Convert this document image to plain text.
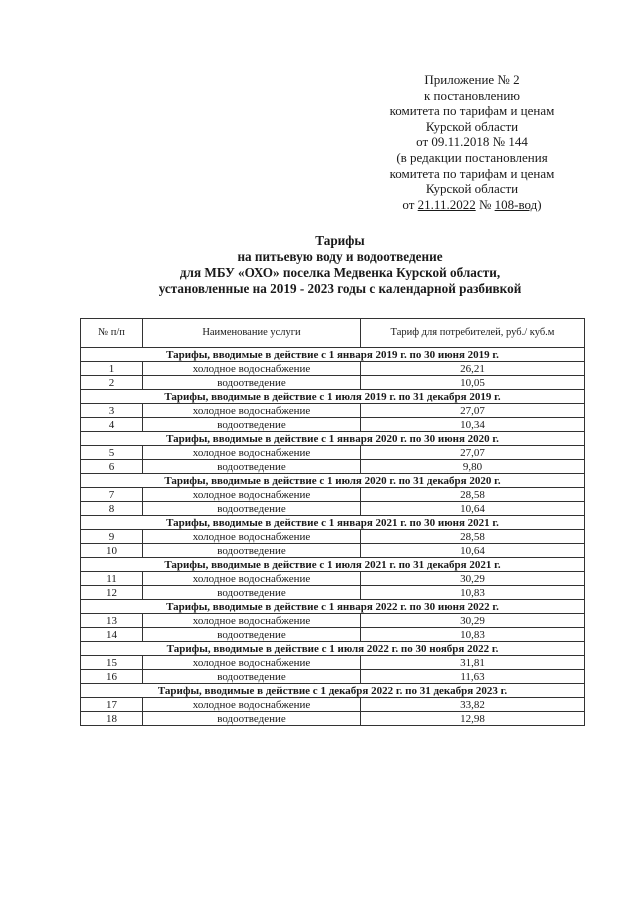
Приложение № 2
к постановлению
комитета по тарифам и ценам
Курской области
от 09.11.2018 № 144
(в редакции постановления
комитета по тарифам и ценам
Курской области
от 21.11.2022 № 108-вод)
Тарифы
на питьевую воду и водоотведение
для МБУ «ОХО» поселка Медвенка Курской области,
установленные на 2019 - 2023 годы с календарной разбивкой
№ п/п	Наименование услуги	Тариф для потребителей, руб./ куб.м
Тарифы, вводимые в действие с 1 января 2019 г. по 30 июня 2019 г.		
1	холодное водоснабжение	26,21
2	водоотведение	10,05
Тарифы, вводимые в действие с 1 июля 2019 г. по 31 декабря 2019 г.		
3	холодное водоснабжение	27,07
4	водоотведение	10,34
Тарифы, вводимые в действие с 1 января 2020 г. по 30 июня 2020 г.		
5	холодное водоснабжение	27,07
6	водоотведение	9,80
Тарифы, вводимые в действие с 1 июля 2020 г. по 31 декабря 2020 г.		
7	холодное водоснабжение	28,58
8	водоотведение	10,64
Тарифы, вводимые в действие с 1 января 2021 г. по 30 июня 2021 г.		
9	холодное водоснабжение	28,58
10	водоотведение	10,64
Тарифы, вводимые в действие с 1 июля 2021 г. по 31 декабря 2021 г.		
11	холодное водоснабжение	30,29
12	водоотведение	10,83
Тарифы, вводимые в действие с 1 января 2022 г. по 30 июня 2022 г.		
13	холодное водоснабжение	30,29
14	водоотведение	10,83
Тарифы, вводимые в действие с 1 июля 2022 г. по 30 ноября 2022 г.		
15	холодное водоснабжение	31,81
16	водоотведение	11,63
Тарифы, вводимые в действие с 1 декабря 2022 г. по 31 декабря 2023 г.		
17	холодное водоснабжение	33,82
18	водоотведение	12,98
